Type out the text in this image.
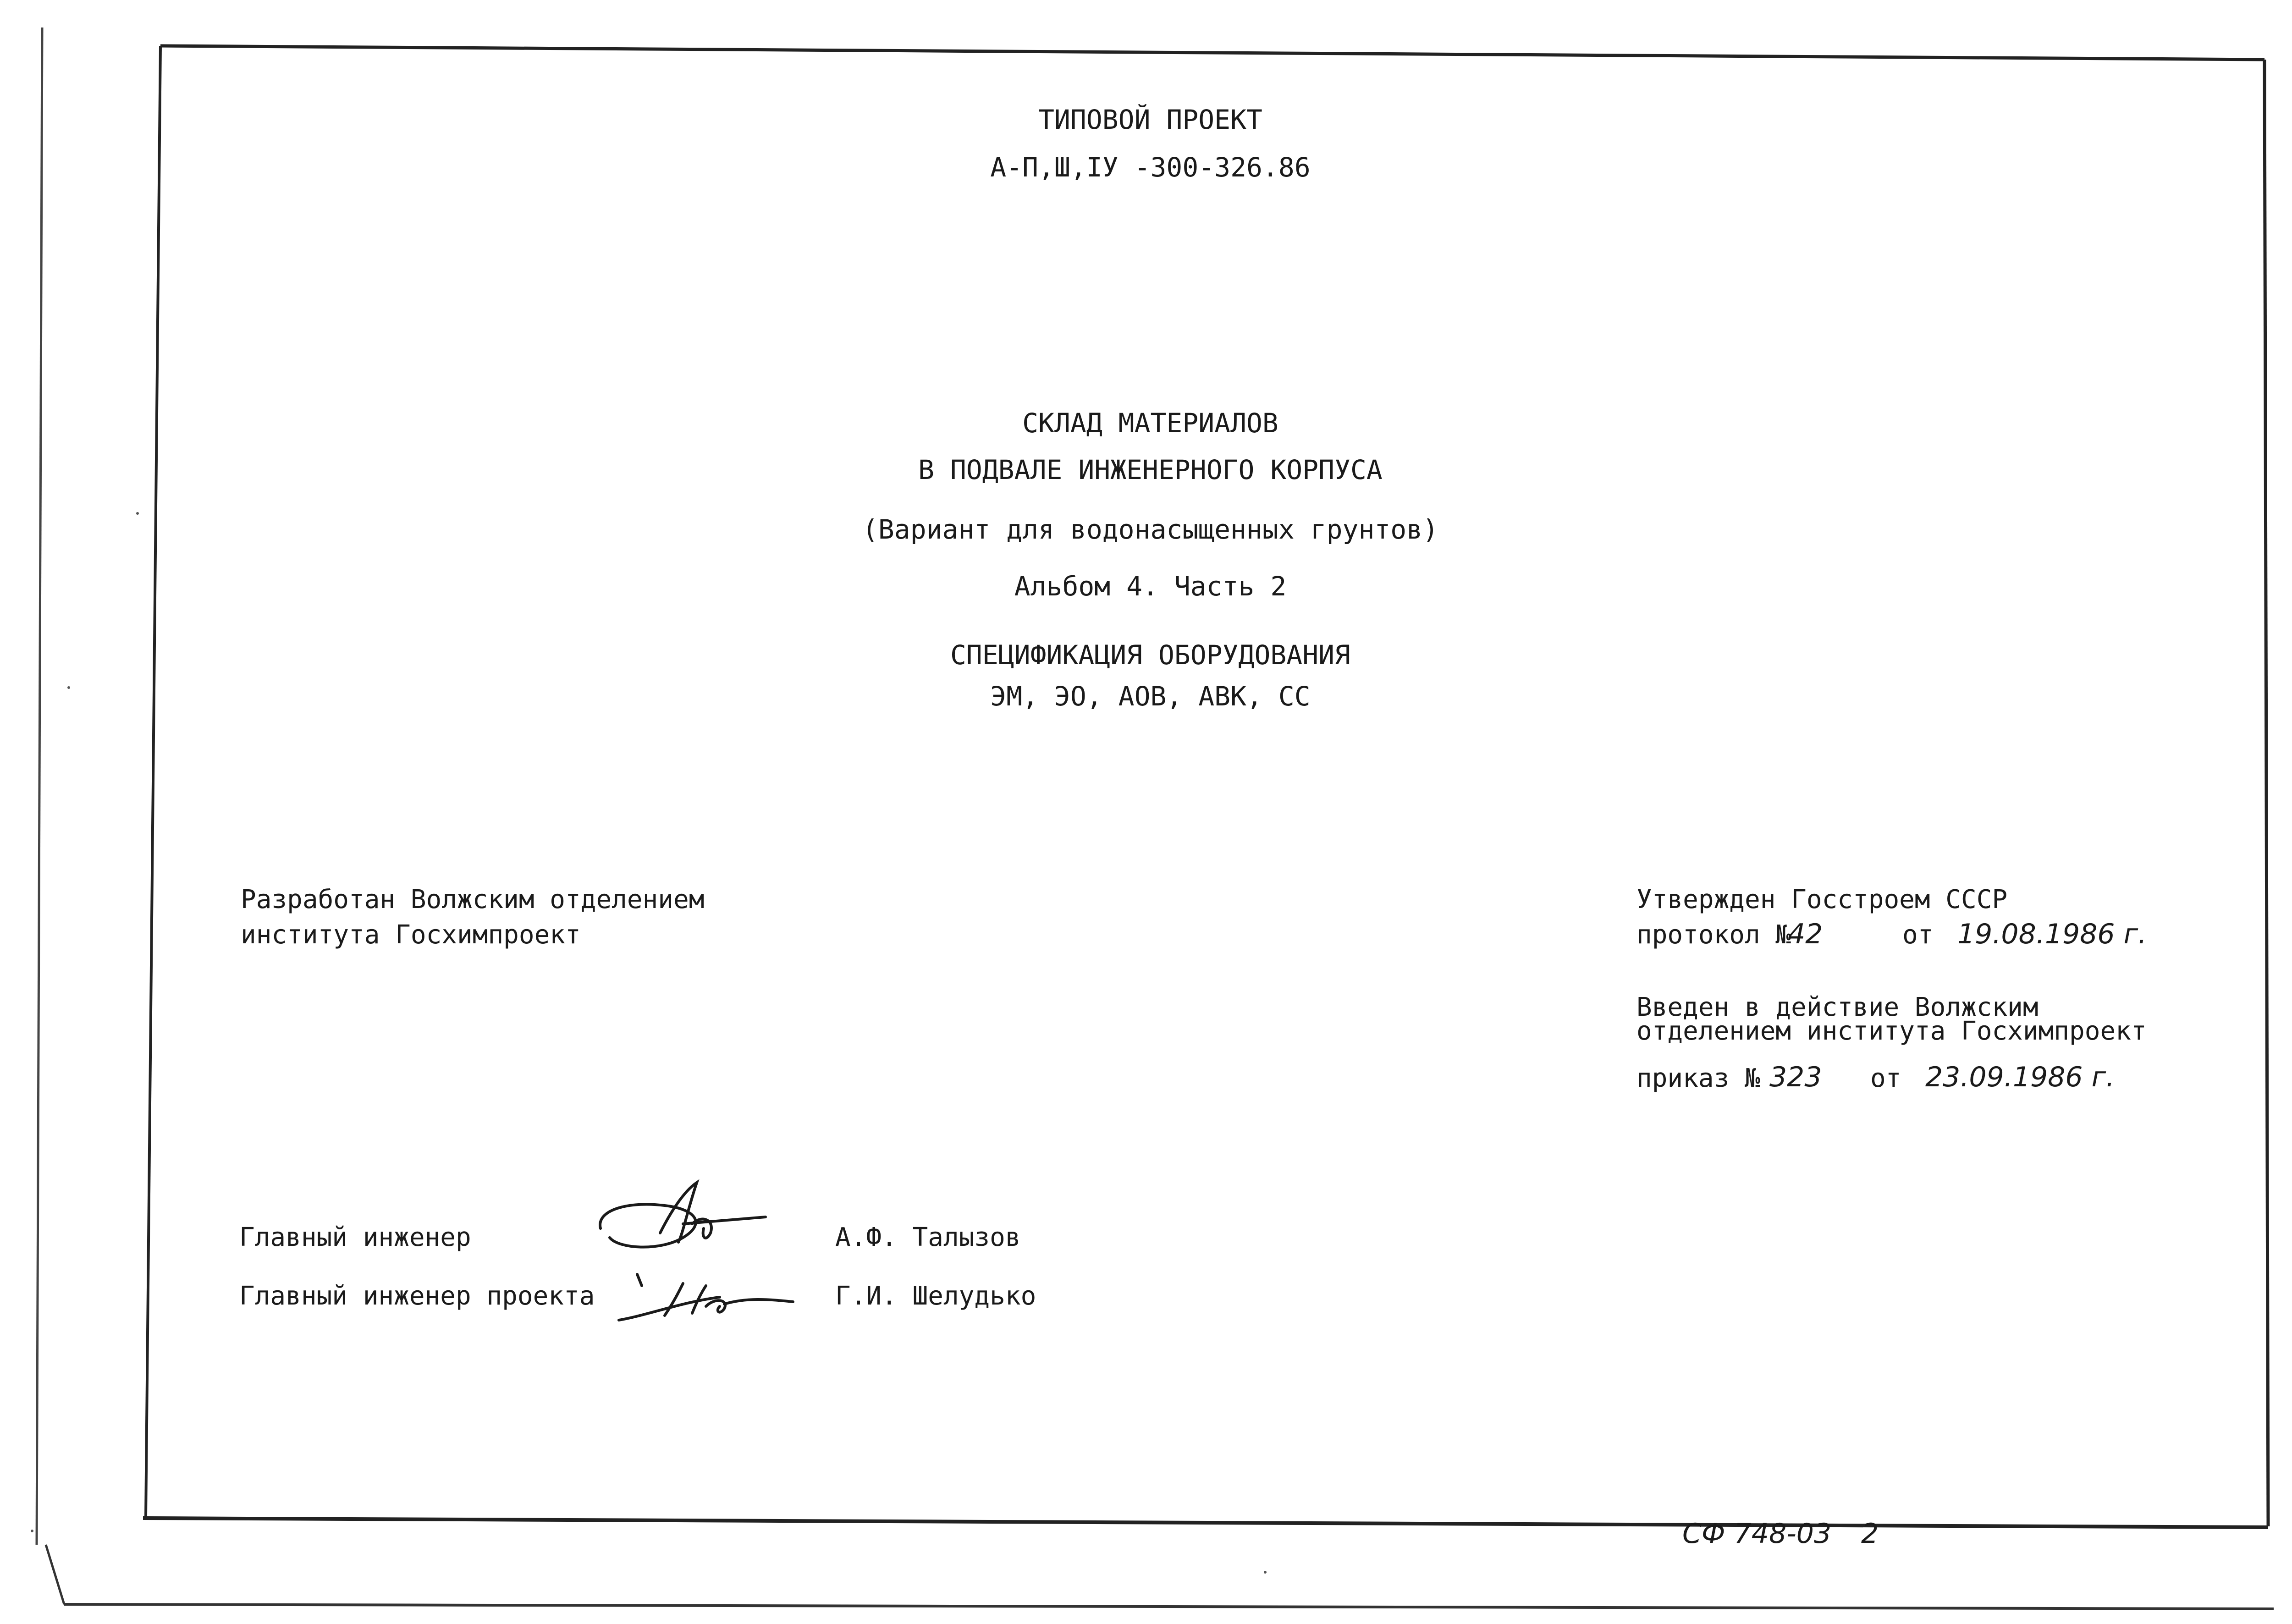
ТИПОВОЙ ПРОЕКТ
А-П,Ш,IУ -300-326.86
СКЛАД МАТЕРИАЛОВ
В ПОДВАЛЕ ИНЖЕНЕРНОГО КОРПУСА
(Вариант для водонасыщенных грунтов)
Альбом 4. Часть 2
СПЕЦИФИКАЦИЯ ОБОРУДОВАНИЯ
ЭМ, ЭО, АОВ, АВК, СС
Разработан Волжским отделением
института Госхимпроект
Утвержден Госстроем СССР
протокол №
42	от 19.08.1986 г.
Введен в действие Волжским
отделением института Госхимпроект
приказ № 323 от 23.09.1986 г.
Главный инженер	А.Ф. Талызов
Главный инженер проекта	Г.И. Шелудько
СФ 748-03 2
